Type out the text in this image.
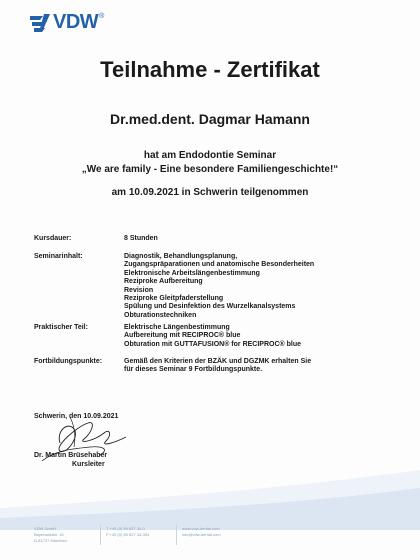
VDW ®
Teilnahme - Zertifikat
Dr.med.dent. Dagmar Hamann
hat am Endodontie Seminar
„We are family - Eine besondere Familiengeschichte!“
am 10.09.2021 in Schwerin teilgenommen
Kursdauer:	8 Stunden
Seminarinhalt:	Diagnostik, Behandlungsplanung,
Zugangspräparationen und anatomische Besonderheiten
Elektronische Arbeitslängenbestimmung
Reziproke Aufbereitung
Revision
Reziproke Gleitpfaderstellung
Spülung und Desinfektion des Wurzelkanalsystems
Obturationstechniken
Praktischer Teil:	Elektrische Längenbestimmung
Aufbereitung mit RECIPROC® blue
Obturation mit GUTTAFUSION® for RECIPROC® blue
Fortbildungspunkte:	Gemäß den Kriterien der BZÄK und DGZMK erhalten Sie
für dieses Seminar 9 Fortbildungspunkte.
Schwerin, den 10.09.2021
Dr. Martin Brüsehaber
Kursleiter
VDW GmbH
Bayerwaldstr. 15
D-81737 München
T +49 (0) 89 627 34-0
F +49 (0) 89 627 34-304
www.vdw-dental.com
info@vdw-dental.com
